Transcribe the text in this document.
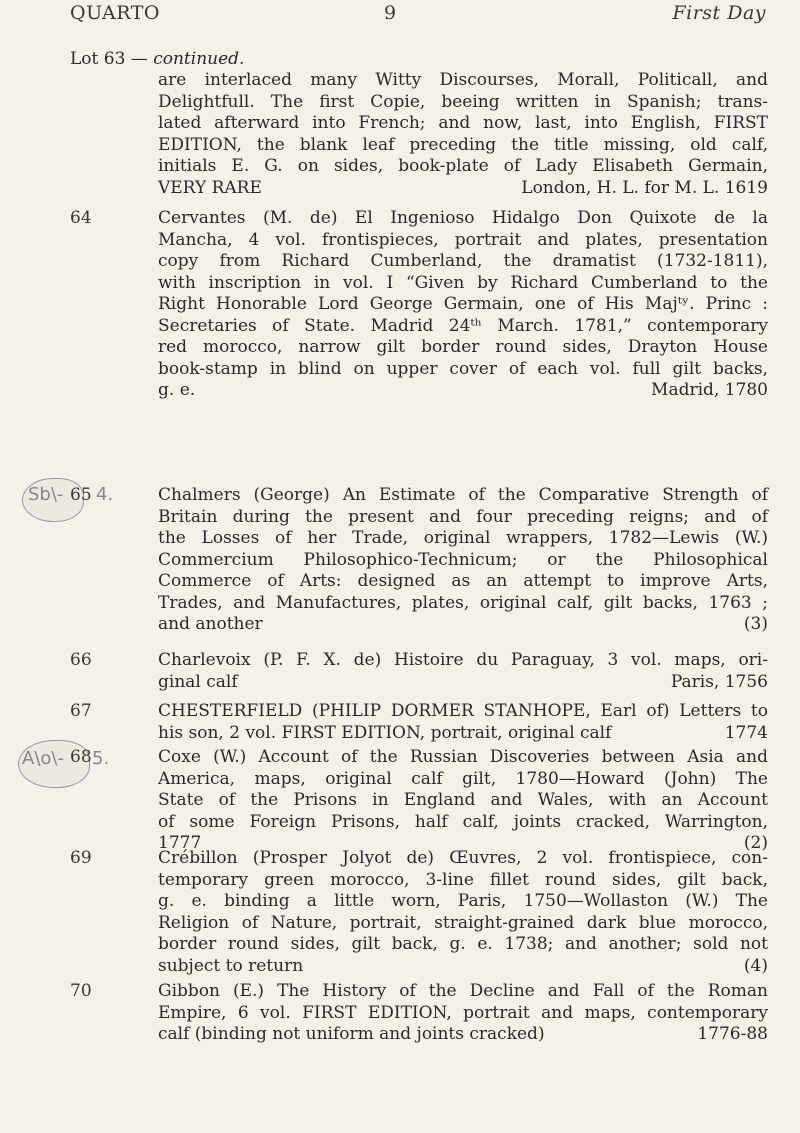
QUARTO	9	First Day
Lot 63 — continued.
Sb\- 4.
A\o\- 5.
are interlaced many Witty Discourses, Morall, Politicall, and
Delightfull. The first Copie, beeing written in Spanish; trans-
lated afterward into French; and now, last, into English, FIRST
EDITION, the blank leaf preceding the title missing, old calf,
initials E. G. on sides, book-plate of Lady Elisabeth Germain,
VERY RARE	London, H. L. for M. L. 1619
64	Cervantes (M. de) El Ingenioso Hidalgo Don Quixote de la
Mancha, 4 vol. frontispieces, portrait and plates, presentation
copy from Richard Cumberland, the dramatist (1732-1811),
with inscription in vol. I “Given by Richard Cumberland to the
Right Honorable Lord George Germain, one of His Majᵗʸ. Princ :
Secretaries of State. Madrid 24ᵗʰ March. 1781,” contemporary
red morocco, narrow gilt border round sides, Drayton House
book-stamp in blind on upper cover of each vol. full gilt backs,
g. e.	Madrid, 1780
65	Chalmers (George) An Estimate of the Comparative Strength of
Britain during the present and four preceding reigns; and of
the Losses of her Trade, original wrappers, 1782—Lewis (W.)
Commercium Philosophico-Technicum; or the Philosophical
Commerce of Arts: designed as an attempt to improve Arts,
Trades, and Manufactures, plates, original calf, gilt backs, 1763 ;
and another	(3)
66	Charlevoix (P. F. X. de) Histoire du Paraguay, 3 vol. maps, ori-
ginal calf	Paris, 1756
67	CHESTERFIELD (PHILIP DORMER STANHOPE, Earl of) Letters to
his son, 2 vol. FIRST EDITION, portrait, original calf	1774
68	Coxe (W.) Account of the Russian Discoveries between Asia and
America, maps, original calf gilt, 1780—Howard (John) The
State of the Prisons in England and Wales, with an Account
of some Foreign Prisons, half calf, joints cracked, Warrington,
1777	(2)
69	Crébillon (Prosper Jolyot de) Œuvres, 2 vol. frontispiece, con-
temporary green morocco, 3-line fillet round sides, gilt back,
g. e. binding a little worn, Paris, 1750—Wollaston (W.) The
Religion of Nature, portrait, straight-grained dark blue morocco,
border round sides, gilt back, g. e. 1738; and another; sold not
subject to return	(4)
70	Gibbon (E.) The History of the Decline and Fall of the Roman
Empire, 6 vol. FIRST EDITION, portrait and maps, contemporary
calf (binding not uniform and joints cracked)	1776-88
